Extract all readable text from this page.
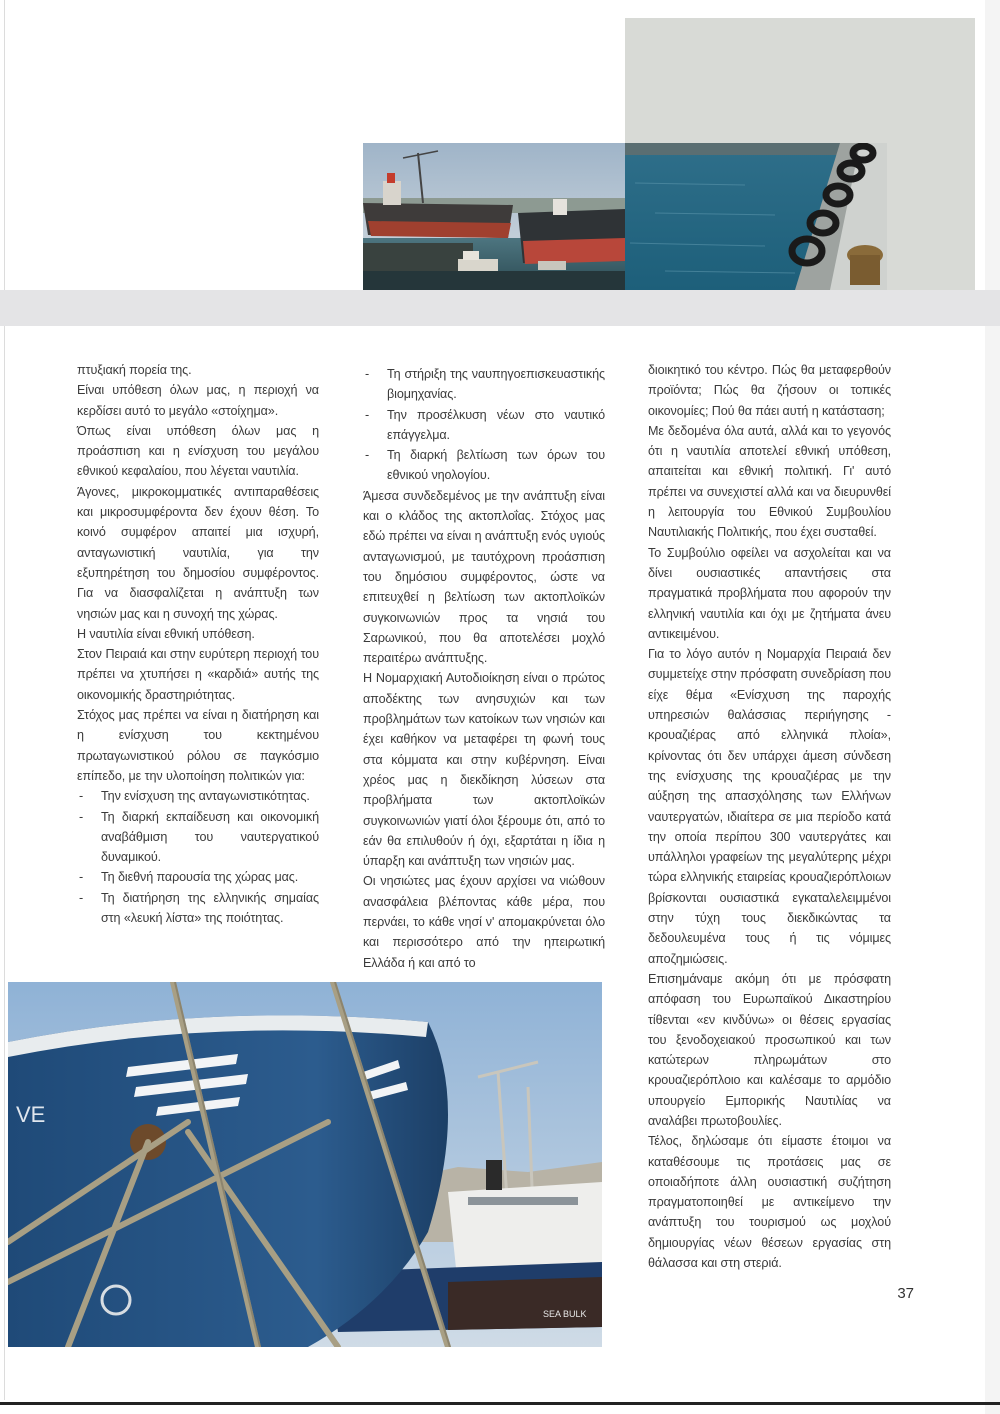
SEA BULK
VE

πτυξιακή πορεία της.

Είναι υπόθεση όλων μας, η περιοχή να κερδίσει αυτό το μεγάλο «στοίχημα».

Όπως είναι υπόθεση όλων μας η προάσπιση και η ενίσχυση του μεγάλου εθνικού κεφαλαίου, που λέγεται ναυτιλία.

Άγονες, μικροκομματικές αντιπαραθέσεις και μικροσυμφέροντα δεν έχουν θέση. Το κοινό συμφέρον απαιτεί μια ισχυρή, ανταγωνιστική ναυτιλία, για την εξυπηρέτηση του δημοσίου συμφέροντος. Για να διασφαλίζεται η ανάπτυξη των νησιών μας και η συνοχή της χώρας.

Η ναυτιλία είναι εθνική υπόθεση.

Στον Πειραιά και στην ευρύτερη περιοχή του πρέπει να χτυπήσει η «καρδιά» αυτής της οικονομικής δραστηριότητας.

Στόχος μας πρέπει να είναι η διατήρηση και η ενίσχυση του κεκτημένου πρωταγωνιστικού ρόλου σε παγκόσμιο επίπεδο, με την υλοποίηση πολιτικών για:

- Την ενίσχυση της ανταγωνιστικότητας.
- Τη διαρκή εκπαίδευση και οικονομική αναβάθμιση του ναυτεργατικού δυναμικού.
- Τη διεθνή παρουσία της χώρας μας.
- Τη διατήρηση της ελληνικής σημαίας στη «λευκή λίστα» της ποιότητας.
- Τη στήριξη της ναυπηγοεπισκευαστικής βιομηχανίας.
- Την προσέλκυση νέων στο ναυτικό επάγγελμα.
- Τη διαρκή βελτίωση των όρων του εθνικού νηολογίου.

Άμεσα συνδεδεμένος με την ανάπτυξη είναι και ο κλάδος της ακτοπλοΐας. Στόχος μας εδώ πρέπει να είναι η ανάπτυξη ενός υγιούς ανταγωνισμού, με ταυτόχρονη προάσπιση του δημόσιου συμφέροντος, ώστε να επιτευχθεί η βελτίωση των ακτοπλοϊκών συγκοινωνιών προς τα νησιά του Σαρωνικού, που θα αποτελέσει μοχλό περαιτέρω ανάπτυξης.

Η Νομαρχιακή Αυτοδιοίκηση είναι ο πρώτος αποδέκτης των ανησυχιών και των προβλημάτων των κατοίκων των νησιών και έχει καθήκον να μεταφέρει τη φωνή τους στα κόμματα και στην κυβέρνηση. Είναι χρέος μας η διεκδίκηση λύσεων στα προβλήματα των ακτοπλοϊκών συγκοινωνιών γιατί όλοι ξέρουμε ότι, από το εάν θα επιλυθούν ή όχι, εξαρτάται η ίδια η ύπαρξη και ανάπτυξη των νησιών μας.

Οι νησιώτες μας έχουν αρχίσει να νιώθουν ανασφάλεια βλέποντας κάθε μέρα, που περνάει, το κάθε νησί ν' απομακρύνεται όλο και περισσότερο από την ηπειρωτική Ελλάδα ή και από το

διοικητικό του κέντρο. Πώς θα μεταφερθούν προϊόντα; Πώς θα ζήσουν οι τοπικές οικονομίες; Πού θα πάει αυτή η κατάσταση;

Με δεδομένα όλα αυτά, αλλά και το γεγονός ότι η ναυτιλία αποτελεί εθνική υπόθεση, απαιτείται και εθνική πολιτική. Γι' αυτό πρέπει να συνεχιστεί αλλά και να διευρυνθεί η λειτουργία του Εθνικού Συμβουλίου Ναυτιλιακής Πολιτικής, που έχει συσταθεί.

Το Συμβούλιο οφείλει να ασχολείται και να δίνει ουσιαστικές απαντήσεις στα πραγματικά προβλήματα που αφορούν την ελληνική ναυτιλία και όχι με ζητήματα άνευ αντικειμένου.

Για το λόγο αυτόν η Νομαρχία Πειραιά δεν συμμετείχε στην πρόσφατη συνεδρίαση που είχε θέμα «Ενίσχυση της παροχής υπηρεσιών θαλάσσιας περιήγησης - κρουαζιέρας από ελληνικά πλοία», κρίνοντας ότι δεν υπάρχει άμεση σύνδεση της ενίσχυσης της κρουαζιέρας με την αύξηση της απασχόλησης των Ελλήνων ναυτεργατών, ιδιαίτερα σε μια περίοδο κατά την οποία περίπου 300 ναυτεργάτες και υπάλληλοι γραφείων της μεγαλύτερης μέχρι τώρα ελληνικής εταιρείας κρουαζιερόπλοιων βρίσκονται ουσιαστικά εγκαταλελειμμένοι στην τύχη τους διεκδικώντας τα δεδουλευμένα τους ή τις νόμιμες αποζημιώσεις.

Επισημάναμε ακόμη ότι με πρόσφατη απόφαση του Ευρωπαϊκού Δικαστηρίου τίθενται «εν κινδύνω» οι θέσεις εργασίας του ξενοδοχειακού προσωπικού και των κατώτερων πληρωμάτων στο κρουαζιερόπλοιο και καλέσαμε το αρμόδιο υπουργείο Εμπορικής Ναυτιλίας να αναλάβει πρωτοβουλίες.

Τέλος, δηλώσαμε ότι είμαστε έτοιμοι να καταθέσουμε τις προτάσεις μας σε οποιαδήποτε άλλη ουσιαστική συζήτηση πραγματοποιηθεί με αντικείμενο την ανάπτυξη του τουρισμού ως μοχλού δημιουργίας νέων θέσεων εργασίας στη θάλασσα και στη στεριά.

37
